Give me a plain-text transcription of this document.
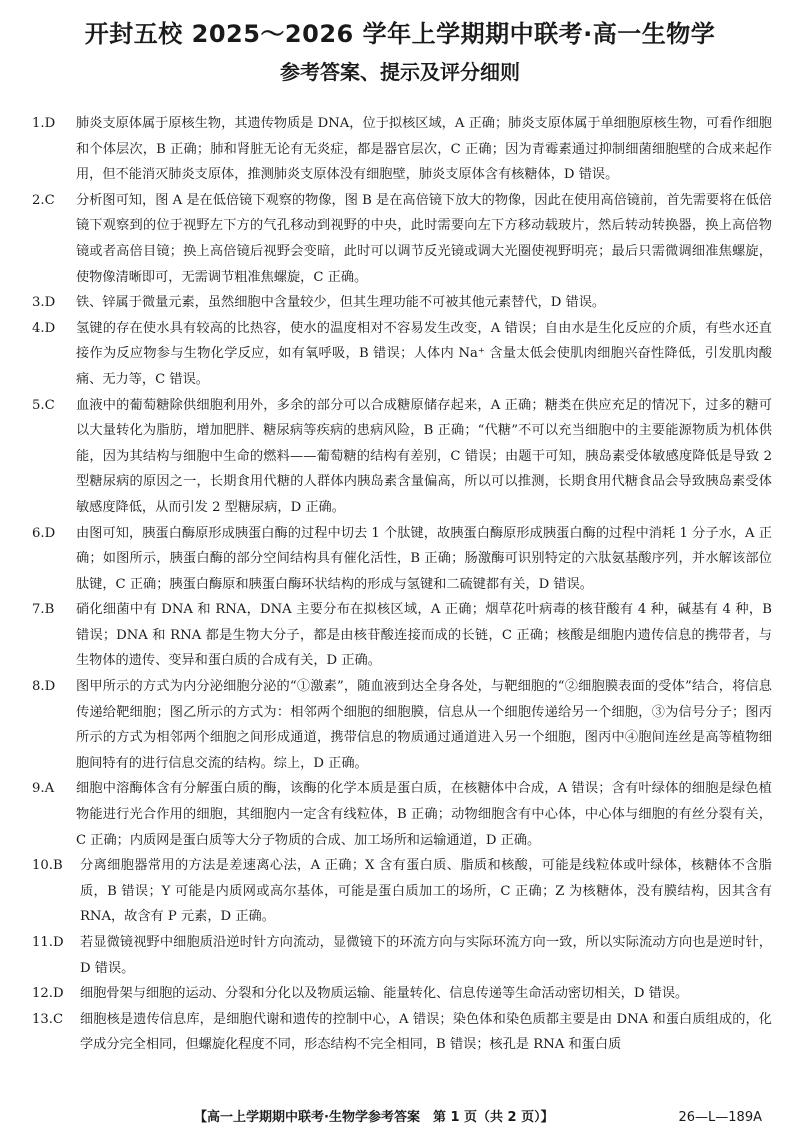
开封五校 2025～2026 学年上学期期中联考·高一生物学
参考答案、提示及评分细则
1.D	肺炎支原体属于原核生物，其遗传物质是 DNA，位于拟核区域，A 正确；肺炎支原体属于单细胞原核生物，可看作细胞和个体层次，B 正确；肺和肾脏无论有无炎症，都是器官层次，C 正确；因为青霉素通过抑制细菌细胞壁的合成来起作用，但不能消灭肺炎支原体，推测肺炎支原体没有细胞壁，肺炎支原体含有核糖体，D 错误。
2.C	分析图可知，图 A 是在低倍镜下观察的物像，图 B 是在高倍镜下放大的物像，因此在使用高倍镜前，首先需要将在低倍镜下观察到的位于视野左下方的气孔移动到视野的中央，此时需要向左下方移动载玻片，然后转动转换器，换上高倍物镜或者高倍目镜；换上高倍镜后视野会变暗，此时可以调节反光镜或调大光圈使视野明亮；最后只需微调细准焦螺旋，使物像清晰即可，无需调节粗准焦螺旋，C 正确。
3.D	铁、锌属于微量元素，虽然细胞中含量较少，但其生理功能不可被其他元素替代，D 错误。
4.D	氢键的存在使水具有较高的比热容，使水的温度相对不容易发生改变，A 错误；自由水是生化反应的介质，有些水还直接作为反应物参与生物化学反应，如有氧呼吸，B 错误；人体内 Na⁺ 含量太低会使肌肉细胞兴奋性降低，引发肌肉酸痛、无力等，C 错误。
5.C	血液中的葡萄糖除供细胞利用外，多余的部分可以合成糖原储存起来，A 正确；糖类在供应充足的情况下，过多的糖可以大量转化为脂肪，增加肥胖、糖尿病等疾病的患病风险，B 正确；“代糖”不可以充当细胞中的主要能源物质为机体供能，因为其结构与细胞中生命的燃料——葡萄糖的结构有差别，C 错误；由题干可知，胰岛素受体敏感度降低是导致 2 型糖尿病的原因之一，长期食用代糖的人群体内胰岛素含量偏高，所以可以推测，长期食用代糖食品会导致胰岛素受体敏感度降低，从而引发 2 型糖尿病，D 正确。
6.D	由图可知，胰蛋白酶原形成胰蛋白酶的过程中切去 1 个肽键，故胰蛋白酶原形成胰蛋白酶的过程中消耗 1 分子水，A 正确；如图所示，胰蛋白酶的部分空间结构具有催化活性，B 正确；肠激酶可识别特定的六肽氨基酸序列，并水解该部位肽键，C 正确；胰蛋白酶原和胰蛋白酶环状结构的形成与氢键和二硫键都有关，D 错误。
7.B	硝化细菌中有 DNA 和 RNA，DNA 主要分布在拟核区域，A 正确；烟草花叶病毒的核苷酸有 4 种，碱基有 4 种，B 错误；DNA 和 RNA 都是生物大分子，都是由核苷酸连接而成的长链，C 正确；核酸是细胞内遗传信息的携带者，与生物体的遗传、变异和蛋白质的合成有关，D 正确。
8.D	图甲所示的方式为内分泌细胞分泌的“①激素”，随血液到达全身各处，与靶细胞的“②细胞膜表面的受体”结合，将信息传递给靶细胞；图乙所示的方式为：相邻两个细胞的细胞膜，信息从一个细胞传递给另一个细胞，③为信号分子；图丙所示的方式为相邻两个细胞之间形成通道，携带信息的物质通过通道进入另一个细胞，图丙中④胞间连丝是高等植物细胞间特有的进行信息交流的结构。综上，D 正确。
9.A	细胞中溶酶体含有分解蛋白质的酶，该酶的化学本质是蛋白质，在核糖体中合成，A 错误；含有叶绿体的细胞是绿色植物能进行光合作用的细胞，其细胞内一定含有线粒体，B 正确；动物细胞含有中心体，中心体与细胞的有丝分裂有关，C 正确；内质网是蛋白质等大分子物质的合成、加工场所和运输通道，D 正确。
10.B	分离细胞器常用的方法是差速离心法，A 正确；X 含有蛋白质、脂质和核酸，可能是线粒体或叶绿体，核糖体不含脂质，B 错误；Y 可能是内质网或高尔基体，可能是蛋白质加工的场所，C 正确；Z 为核糖体，没有膜结构，因其含有 RNA，故含有 P 元素，D 正确。
11.D	若显微镜视野中细胞质沿逆时针方向流动，显微镜下的环流方向与实际环流方向一致，所以实际流动方向也是逆时针，D 错误。
12.D	细胞骨架与细胞的运动、分裂和分化以及物质运输、能量转化、信息传递等生命活动密切相关，D 错误。
13.C	细胞核是遗传信息库，是细胞代谢和遗传的控制中心，A 错误；染色体和染色质都主要是由 DNA 和蛋白质组成的，化学成分完全相同，但螺旋化程度不同，形态结构不完全相同，B 错误；核孔是 RNA 和蛋白质
【高一上学期期中联考·生物学参考答案　第 1 页（共 2 页）】	26—L—189A
